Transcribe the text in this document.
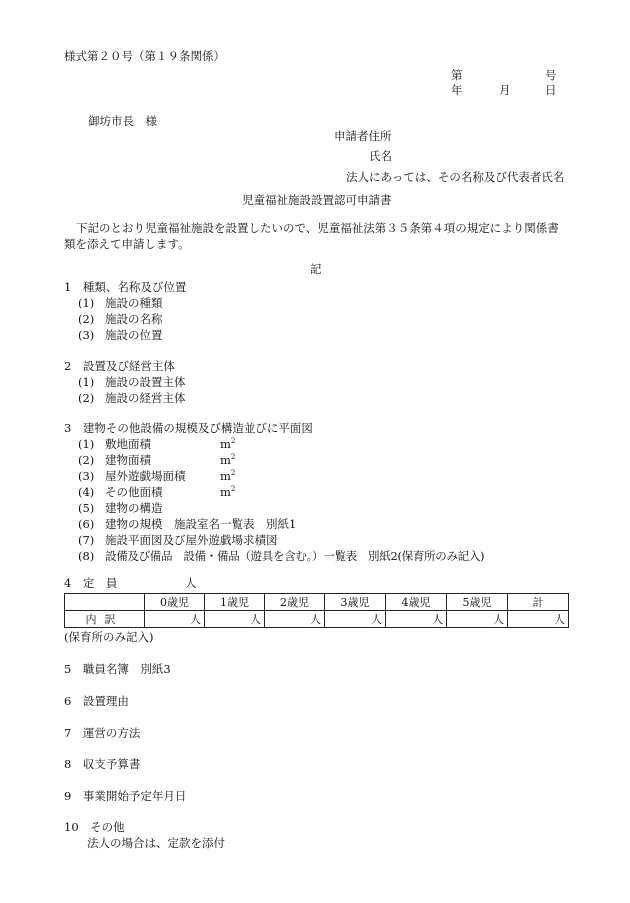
様式第２０号（第１９条関係）
第	号
年	月	日
御坊市長　様
申請者住所
氏名
法人にあっては、その名称及び代表者氏名
児童福祉施設設置認可申請書
下記のとおり児童福祉施設を設置したいので、児童福祉法第３５条第４項の規定により関係書
類を添えて申請します。
記
1　種類、名称及び位置
(1) 施設の種類
(2) 施設の名称
(3) 施設の位置
2　設置及び経営主体
(1) 施設の設置主体
(2) 施設の経営主体
3　建物その他設備の規模及び構造並びに平面図
(1) 敷地面積	$m^2$
(2) 建物面積	$m^2$
(3) 屋外遊戯場面積	$m^2$
(4) その他面積	$m^2$
(5) 建物の構造
(6) 建物の規模　施設室名一覧表　別紙1
(7) 施設平面図及び屋外遊戯場求積図
(8) 設備及び備品　設備・備品（遊具を含む。）一覧表　別紙2(保育所のみ記入)
4　定　員	人
	0歳児	1歳児	2歳児	3歳児	4歳児	5歳児	計
内訳	人	人	人	人	人	人	人
(保育所のみ記入)
5　職員名簿　別紙3
6　設置理由
7　運営の方法
8　収支予算書
9　事業開始予定年月日
10　その他
法人の場合は、定款を添付
